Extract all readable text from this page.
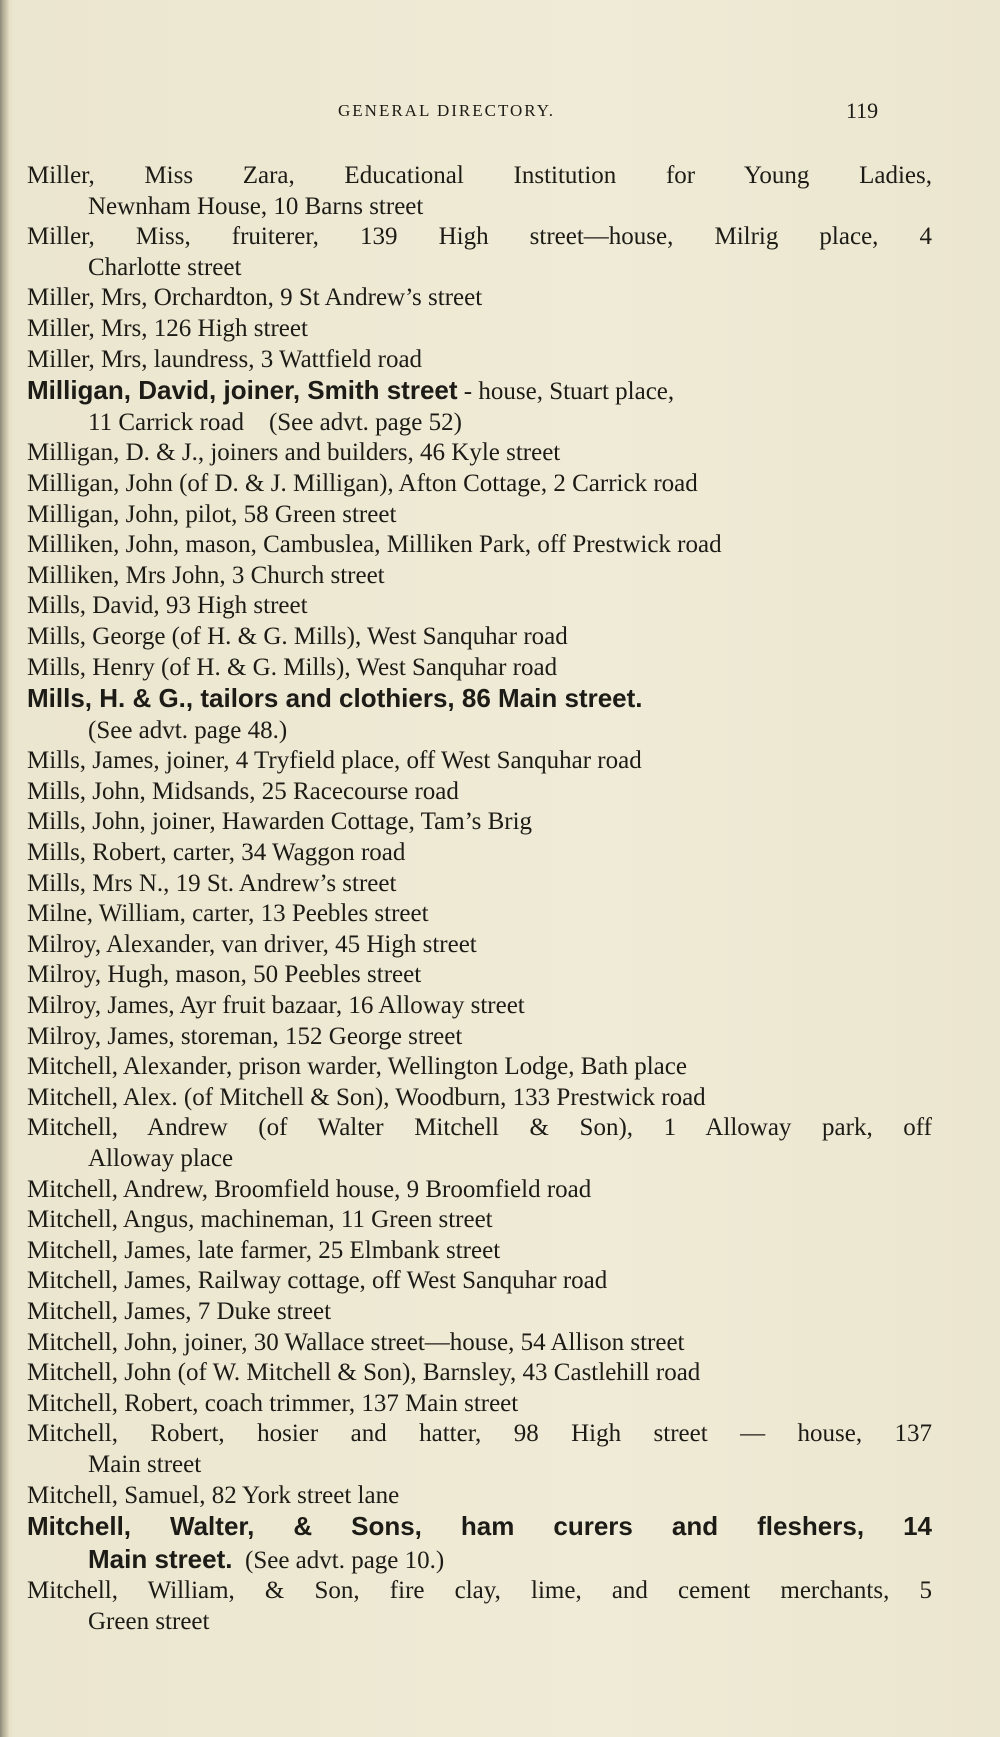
GENERAL DIRECTORY.	119
Miller, Miss Zara, Educational Institution for Young Ladies,
Newnham House, 10 Barns street
Miller, Miss, fruiterer, 139 High street—house, Milrig place, 4
Charlotte street
Miller, Mrs, Orchardton, 9 St Andrew’s street
Miller, Mrs, 126 High street
Miller, Mrs, laundress, 3 Wattfield road
Milligan, David, joiner, Smith street - house, Stuart place,
11 Carrick road    (See advt. page 52)
Milligan, D. & J., joiners and builders, 46 Kyle street
Milligan, John (of D. & J. Milligan), Afton Cottage, 2 Carrick road
Milligan, John, pilot, 58 Green street
Milliken, John, mason, Cambuslea, Milliken Park, off Prestwick road
Milliken, Mrs John, 3 Church street
Mills, David, 93 High street
Mills, George (of H. & G. Mills), West Sanquhar road
Mills, Henry (of H. & G. Mills), West Sanquhar road
Mills, H. & G., tailors and clothiers, 86 Main street.
(See advt. page 48.)
Mills, James, joiner, 4 Tryfield place, off West Sanquhar road
Mills, John, Midsands, 25 Racecourse road
Mills, John, joiner, Hawarden Cottage, Tam’s Brig
Mills, Robert, carter, 34 Waggon road
Mills, Mrs N., 19 St. Andrew’s street
Milne, William, carter, 13 Peebles street
Milroy, Alexander, van driver, 45 High street
Milroy, Hugh, mason, 50 Peebles street
Milroy, James, Ayr fruit bazaar, 16 Alloway street
Milroy, James, storeman, 152 George street
Mitchell, Alexander, prison warder, Wellington Lodge, Bath place
Mitchell, Alex. (of Mitchell & Son), Woodburn, 133 Prestwick road
Mitchell, Andrew (of Walter Mitchell & Son), 1 Alloway park, off
Alloway place
Mitchell, Andrew, Broomfield house, 9 Broomfield road
Mitchell, Angus, machineman, 11 Green street
Mitchell, James, late farmer, 25 Elmbank street
Mitchell, James, Railway cottage, off West Sanquhar road
Mitchell, James, 7 Duke street
Mitchell, John, joiner, 30 Wallace street—house, 54 Allison street
Mitchell, John (of W. Mitchell & Son), Barnsley, 43 Castlehill road
Mitchell, Robert, coach trimmer, 137 Main street
Mitchell, Robert, hosier and hatter, 98 High street — house, 137
Main street
Mitchell, Samuel, 82 York street lane
Mitchell, Walter, & Sons, ham curers and fleshers, 14
Main street.  (See advt. page 10.)
Mitchell, William, & Son, fire clay, lime, and cement merchants, 5
Green street
